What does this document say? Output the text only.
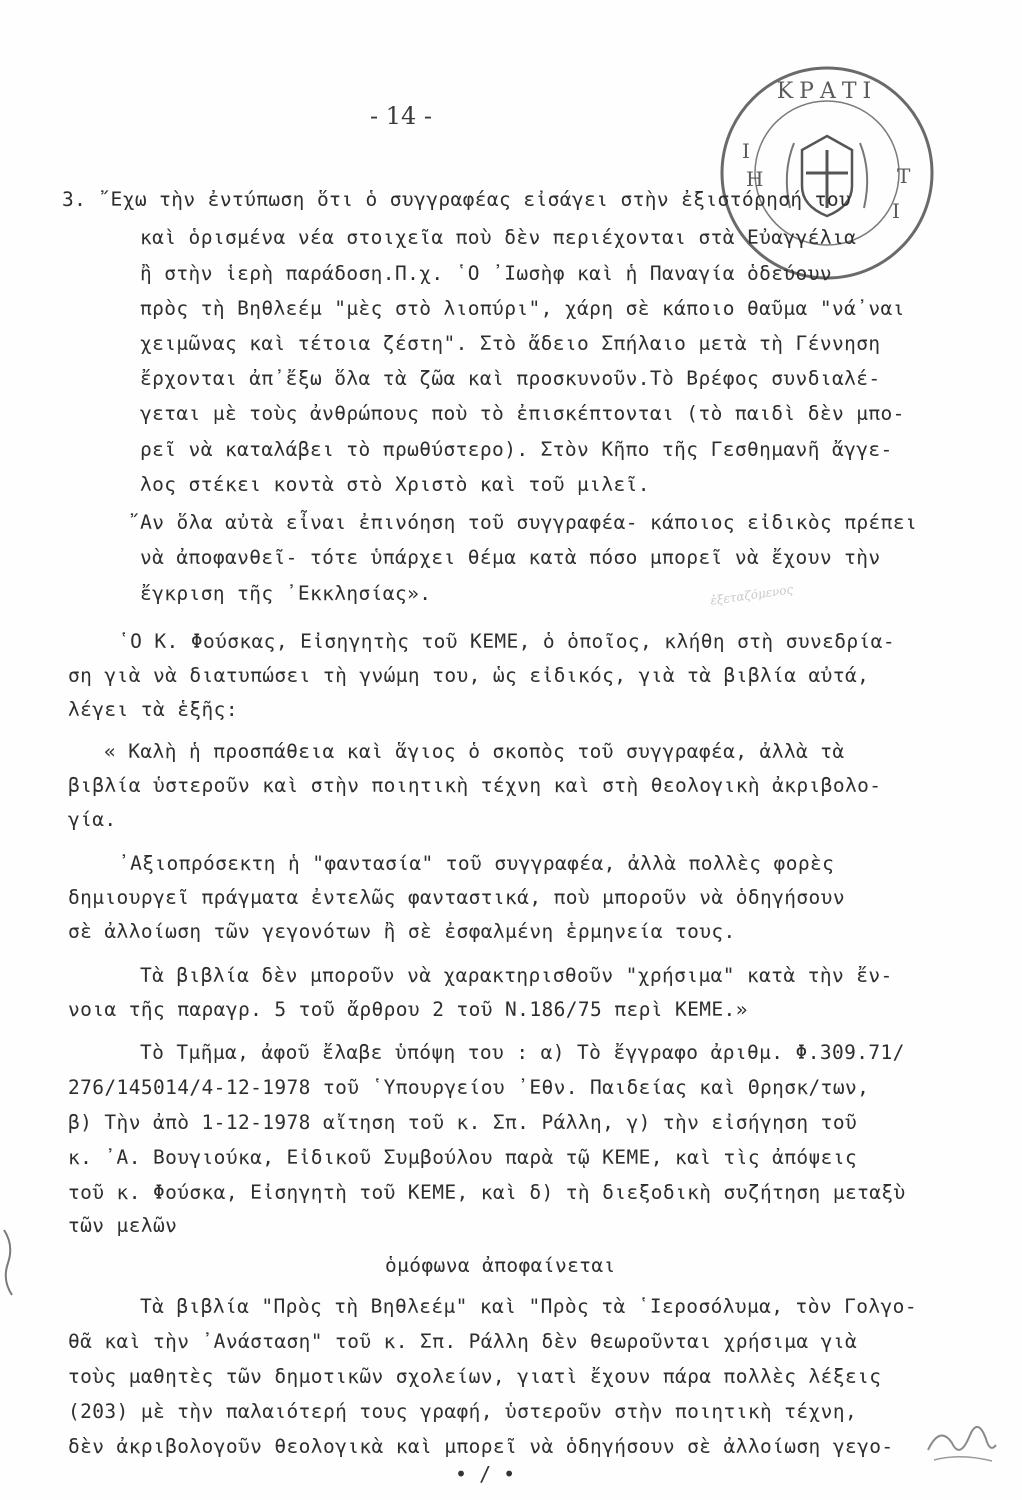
- 14 -
ΚΡΑΤΙ
Η
Ι
Τ
Ι
3. ῎Εχω τὴν ἐντύπωση ὅτι ὁ συγγραφέας εἰσάγει στὴν ἐξιστόρησή του
καὶ ὁρισμένα νέα στοιχεῖα ποὺ δὲν περιέχονται στὰ Εὐαγγέλια
ἢ στὴν ἱερὴ παράδοση.Π.χ. ῾Ο ᾿Ιωσὴφ καὶ ἡ Παναγία ὁδεύουν
πρὸς τὴ Βηθλεέμ "μὲς στὸ λιοπύρι", χάρη σὲ κάποιο θαῦμα "νά᾿ναι
χειμῶνας καὶ τέτοια ζέστη". Στὸ ἄδειο Σπήλαιο μετὰ τὴ Γέννηση
ἔρχονται ἀπ᾿ἔξω ὅλα τὰ ζῶα καὶ προσκυνοῦν.Τὸ Βρέφος συνδιαλέ-
γεται μὲ τοὺς ἀνθρώπους ποὺ τὸ ἐπισκέπτονται (τὸ παιδὶ δὲν μπο-
ρεῖ νὰ καταλάβει τὸ πρωθύστερο). Στὸν Κῆπο τῆς Γεσθημανῆ ἄγγε-
λος στέκει κοντὰ στὸ Χριστὸ καὶ τοῦ μιλεῖ.
῎Αν ὅλα αὐτὰ εἶναι ἐπινόηση τοῦ συγγραφέα- κάποιος εἰδικὸς πρέπει
νὰ ἀποφανθεῖ- τότε ὑπάρχει θέμα κατὰ πόσο μπορεῖ νὰ ἔχουν τὴν
ἔγκριση τῆς ᾿Εκκλησίας».	ἐξεταζόμενος
῾Ο Κ. Φούσκας, Εἰσηγητὴς τοῦ ΚΕΜΕ, ὁ ὁποῖος, κλήθη στὴ συνεδρία-
ση γιὰ νὰ διατυπώσει τὴ γνώμη του, ὡς εἰδικός, γιὰ τὰ βιβλία αὐτά,
λέγει τὰ ἑξῆς:
« Καλὴ ἡ προσπάθεια καὶ ἅγιος ὁ σκοπὸς τοῦ συγγραφέα, ἀλλὰ τὰ
βιβλία ὑστεροῦν καὶ στὴν ποιητικὴ τέχνη καὶ στὴ θεολογικὴ ἀκριβολο-
γία.
᾿Αξιοπρόσεκτη ἡ "φαντασία" τοῦ συγγραφέα, ἀλλὰ πολλὲς φορὲς
δημιουργεῖ πράγματα ἐντελῶς φανταστικά, ποὺ μποροῦν νὰ ὁδηγήσουν
σὲ ἀλλοίωση τῶν γεγονότων ἢ σὲ ἐσφαλμένη ἑρμηνεία τους.
Τὰ βιβλία δὲν μποροῦν νὰ χαρακτηρισθοῦν "χρήσιμα" κατὰ τὴν ἔν-
νοια τῆς παραγρ. 5 τοῦ ἄρθρου 2 τοῦ Ν.186/75 περὶ ΚΕΜΕ.»
Τὸ Τμῆμα, ἀφοῦ ἔλαβε ὑπόψη του : α) Τὸ ἔγγραφο ἀριθμ. Φ.309.71/
276/145014/4-12-1978 τοῦ ῾Υπουργείου ᾿Εθν. Παιδείας καὶ Θρησκ/των,
β) Τὴν ἀπὸ 1-12-1978 αἴτηση τοῦ κ. Σπ. Ράλλη, γ) τὴν εἰσήγηση τοῦ
κ. ᾿Α. Βουγιούκα, Εἰδικοῦ Συμβούλου παρὰ τῷ ΚΕΜΕ, καὶ τὶς ἀπόψεις
τοῦ κ. Φούσκα, Εἰσηγητὴ τοῦ ΚΕΜΕ, καὶ δ) τὴ διεξοδικὴ συζήτηση μεταξὺ
τῶν μελῶν
ὁμόφωνα ἀποφαίνεται
Τὰ βιβλία "Πρὸς τὴ Βηθλεέμ" καὶ "Πρὸς τὰ ῾Ιεροσόλυμα, τὸν Γολγο-
θᾶ καὶ τὴν ᾿Ανάσταση" τοῦ κ. Σπ. Ράλλη δὲν θεωροῦνται χρήσιμα γιὰ
τοὺς μαθητὲς τῶν δημοτικῶν σχολείων, γιατὶ ἔχουν πάρα πολλὲς λέξεις
(203) μὲ τὴν παλαιότερή τους γραφή, ὑστεροῦν στὴν ποιητικὴ τέχνη,
δὲν ἀκριβολογοῦν θεολογικὰ καὶ μπορεῖ νὰ ὁδηγήσουν σὲ ἀλλοίωση γεγο-
• / •
